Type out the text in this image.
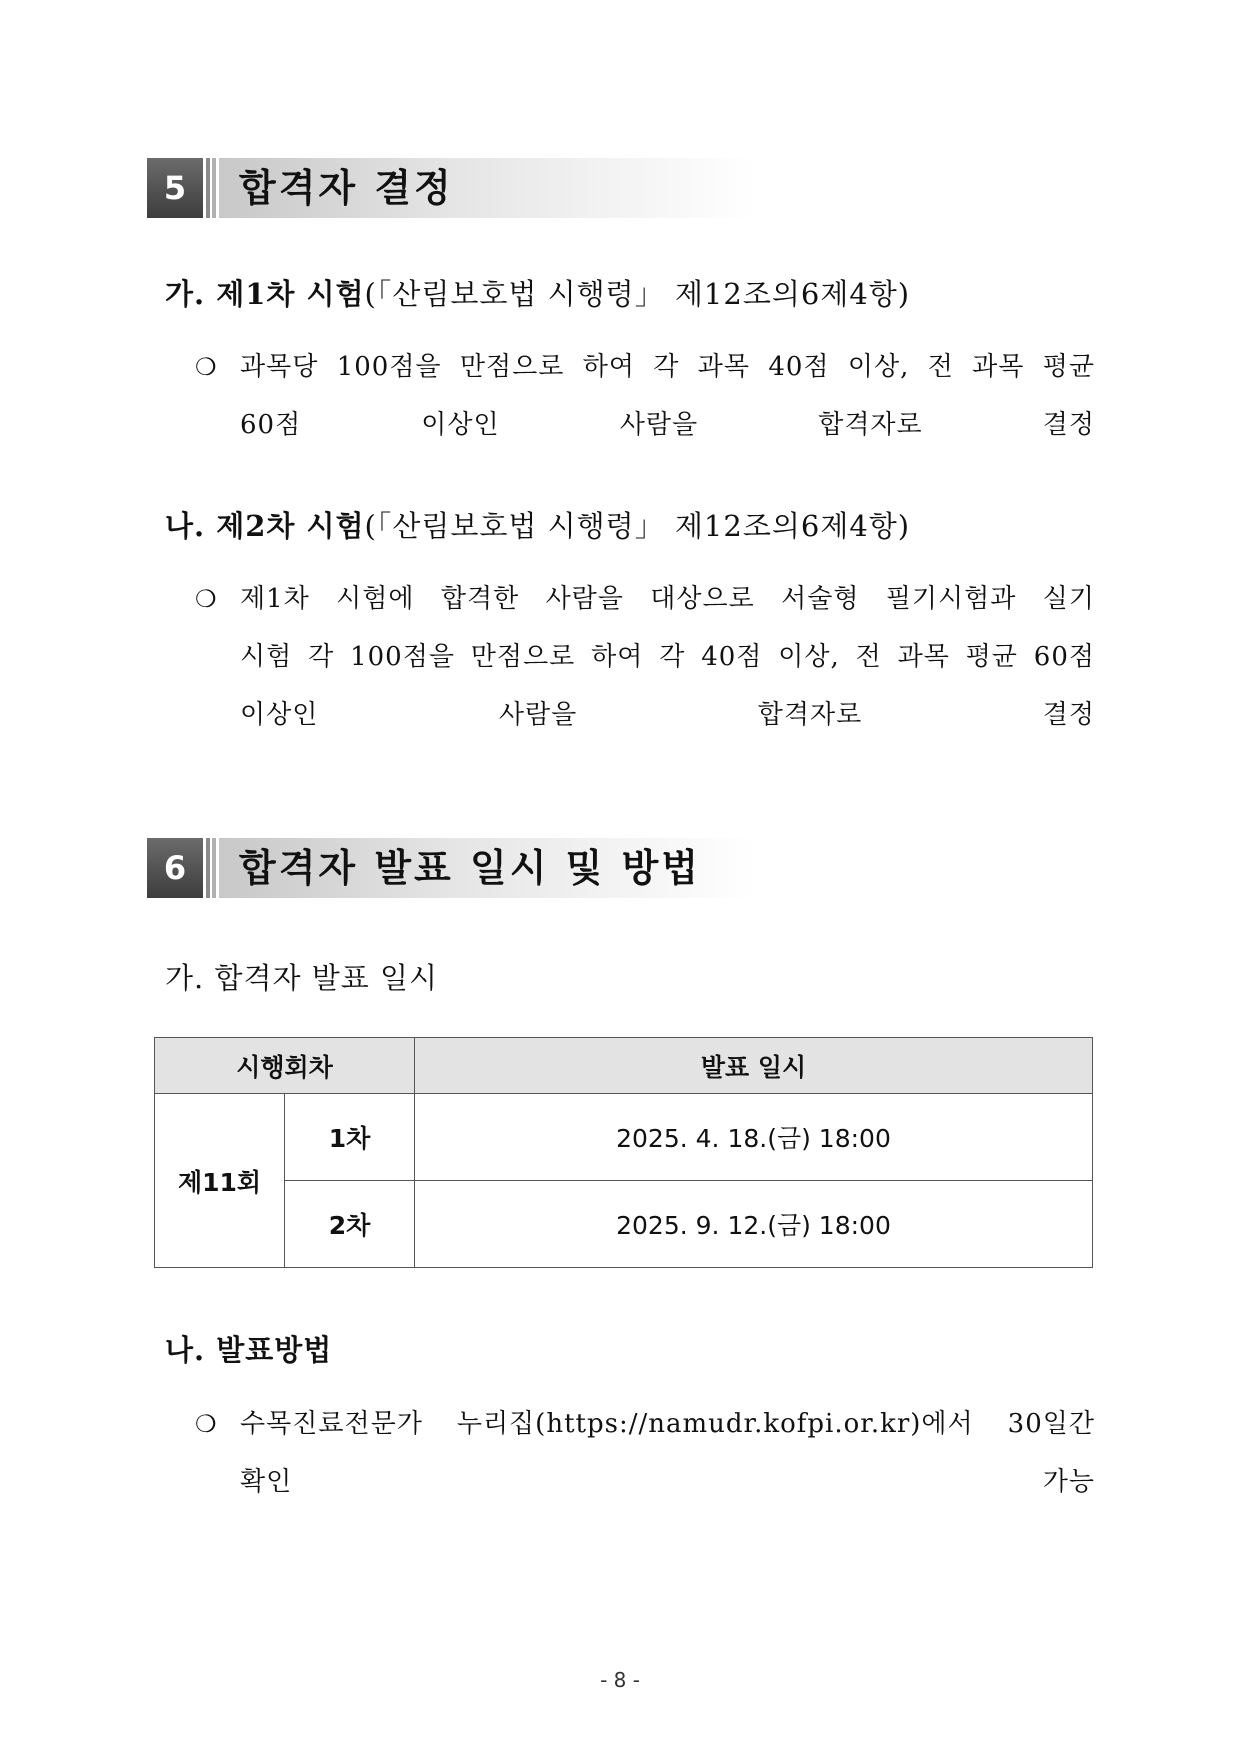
5	합격자 결정
가. 제1차 시험(「산림보호법 시행령」 제12조의6제4항)
❍ 과목당 100점을 만점으로 하여 각 과목 40점 이상, 전 과목 평균
60점 이상인 사람을 합격자로 결정
나. 제2차 시험(「산림보호법 시행령」 제12조의6제4항)
❍ 제1차 시험에 합격한 사람을 대상으로 서술형 필기시험과 실기
시험 각 100점을 만점으로 하여 각 40점 이상, 전 과목 평균 60점
이상인 사람을 합격자로 결정
6	합격자 발표 일시 및 방법
가. 합격자 발표 일시
시행회차	발표 일시
제11회
1차	2025. 4. 18.(금) 18:00
2차	2025. 9. 12.(금) 18:00
나. 발표방법
❍ 수목진료전문가 누리집(https://namudr.kofpi.or.kr)에서 30일간
확인 가능
- 8 -
